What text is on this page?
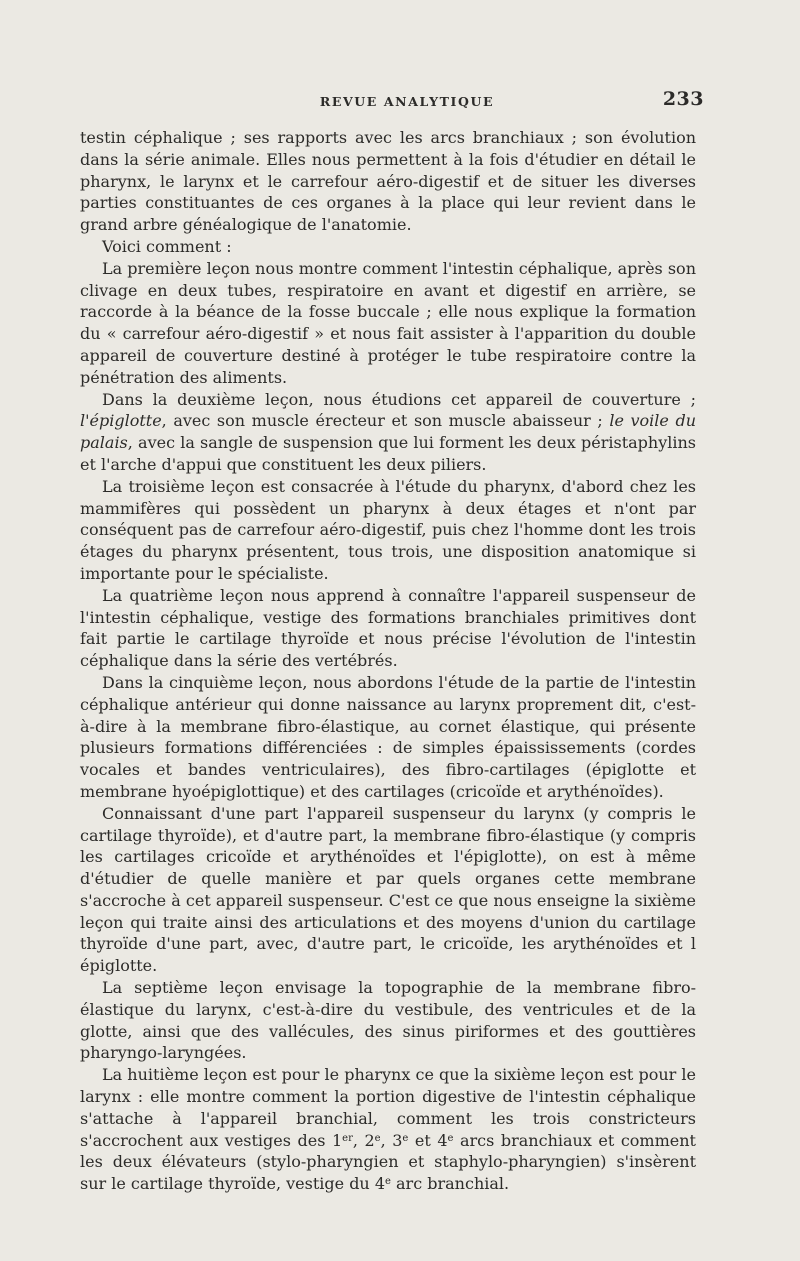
REVUE ANALYTIQUE	233

testin céphalique ; ses rapports avec les arcs branchiaux ; son évolution dans la série animale. Elles nous permettent à la fois d'étudier en détail le pharynx, le larynx et le carrefour aéro-digestif et de situer les diverses parties constituantes de ces organes à la place qui leur revient dans le grand arbre généalogique de l'anatomie.

Voici comment :

La première leçon nous montre comment l'intestin céphalique, après son clivage en deux tubes, respiratoire en avant et digestif en arrière, se raccorde à la béance de la fosse buccale ; elle nous explique la formation du « carrefour aéro-digestif » et nous fait assister à l'apparition du double appareil de couverture destiné à protéger le tube respiratoire contre la pénétration des aliments.

Dans la deuxième leçon, nous étudions cet appareil de couverture ; l'épiglotte, avec son muscle érecteur et son muscle abaisseur ; le voile du palais, avec la sangle de suspension que lui forment les deux péristaphylins et l'arche d'appui que constituent les deux piliers.

La troisième leçon est consacrée à l'étude du pharynx, d'abord chez les mammifères qui possèdent un pharynx à deux étages et n'ont par conséquent pas de carrefour aéro-digestif, puis chez l'homme dont les trois étages du pharynx présentent, tous trois, une disposition anatomique si importante pour le spécialiste.

La quatrième leçon nous apprend à connaître l'appareil suspenseur de l'intestin céphalique, vestige des formations branchiales primitives dont fait partie le cartilage thyroïde et nous précise l'évolution de l'intestin céphalique dans la série des vertébrés.

Dans la cinquième leçon, nous abordons l'étude de la partie de l'intestin céphalique antérieur qui donne naissance au larynx proprement dit, c'est-à-dire à la membrane fibro-élastique, au cornet élastique, qui présente plusieurs formations différenciées : de simples épaississements (cordes vocales et bandes ventriculaires), des fibro-cartilages (épiglotte et membrane hyoépiglottique) et des cartilages (cricoïde et arythénoïdes).

Connaissant d'une part l'appareil suspenseur du larynx (y compris le cartilage thyroïde), et d'autre part, la membrane fibro-élastique (y compris les cartilages cricoïde et arythénoïdes et l'épiglotte), on est à même d'étudier de quelle manière et par quels organes cette membrane s'accroche à cet appareil suspenseur. C'est ce que nous enseigne la sixième leçon qui traite ainsi des articulations et des moyens d'union du cartilage thyroïde d'une part, avec, d'autre part, le cricoïde, les arythénoïdes et l épiglotte.

La septième leçon envisage la topographie de la membrane fibro-élastique du larynx, c'est-à-dire du vestibule, des ventricules et de la glotte, ainsi que des vallécules, des sinus piriformes et des gouttières pharyngo-laryngées.

La huitième leçon est pour le pharynx ce que la sixième leçon est pour le larynx : elle montre comment la portion digestive de l'intestin céphalique s'attache à l'appareil branchial, comment les trois constricteurs s'accrochent aux vestiges des 1er, 2e, 3e et 4e arcs branchiaux et comment les deux élévateurs (stylo-pharyngien et staphylo-pharyngien) s'insèrent sur le cartilage thyroïde, vestige du 4e arc branchial.
